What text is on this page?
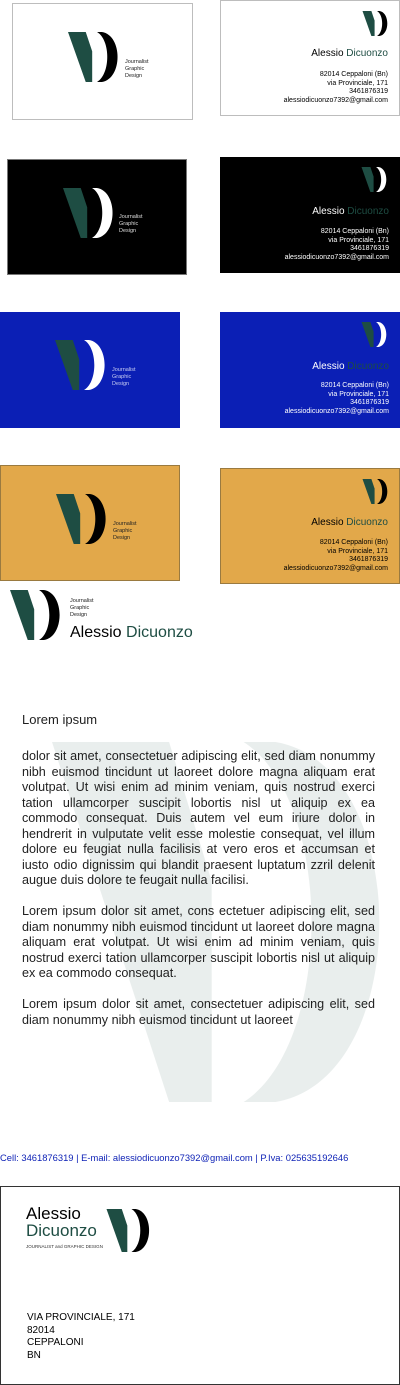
Journalist
Graphic
Design
Alessio Dicuonzo
82014 Ceppaloni (Bn)
via Provinciale, 171
3461876319
alessiodicuonzo7392@gmail.com
Journalist
Graphic
Design
Alessio Dicuonzo
82014 Ceppaloni (Bn)
via Provinciale, 171
3461876319
alessiodicuonzo7392@gmail.com
Journalist
Graphic
Design
Alessio Dicuonzo
82014 Ceppaloni (Bn)
via Provinciale, 171
3461876319
alessiodicuonzo7392@gmail.com
Journalist
Graphic
Design
Alessio Dicuonzo
82014 Ceppaloni (Bn)
via Provinciale, 171
3461876319
alessiodicuonzo7392@gmail.com
Journalist
Graphic
Design
Alessio Dicuonzo
Lorem ipsum

dolor sit amet, consectetuer adipiscing elit, sed diam nonummy nibh euismod tincidunt ut laoreet dolore magna aliquam erat volutpat. Ut wisi enim ad minim veniam, quis nostrud exerci tation ullamcorper suscipit lobortis nisl ut aliquip ex ea commodo consequat. Duis autem vel eum iriure dolor in hendrerit in vulputate velit esse molestie consequat, vel illum dolore eu feugiat nulla facilisis at vero eros et accumsan et iusto odio dignissim qui blandit praesent luptatum zzril delenit augue duis dolore te feugait nulla facilisi.

Lorem ipsum dolor sit amet, cons ectetuer adipiscing elit, sed diam nonummy nibh euismod tincidunt ut laoreet dolore magna aliquam erat volutpat. Ut wisi enim ad minim veniam, quis nostrud exerci tation ullamcorper suscipit lobortis nisl ut aliquip ex ea commodo consequat.

Lorem ipsum dolor sit amet, consectetuer adipiscing elit, sed diam nonummy nibh euismod tincidunt ut laoreet

Cell: 3461876319 | E-mail: alessiodicuonzo7392@gmail.com | P.Iva: 025635192646
Alessio
Dicuonzo
JOURNALIST and GRAPHIC DESIGN
VIA PROVINCIALE, 171
82014
CEPPALONI
BN
